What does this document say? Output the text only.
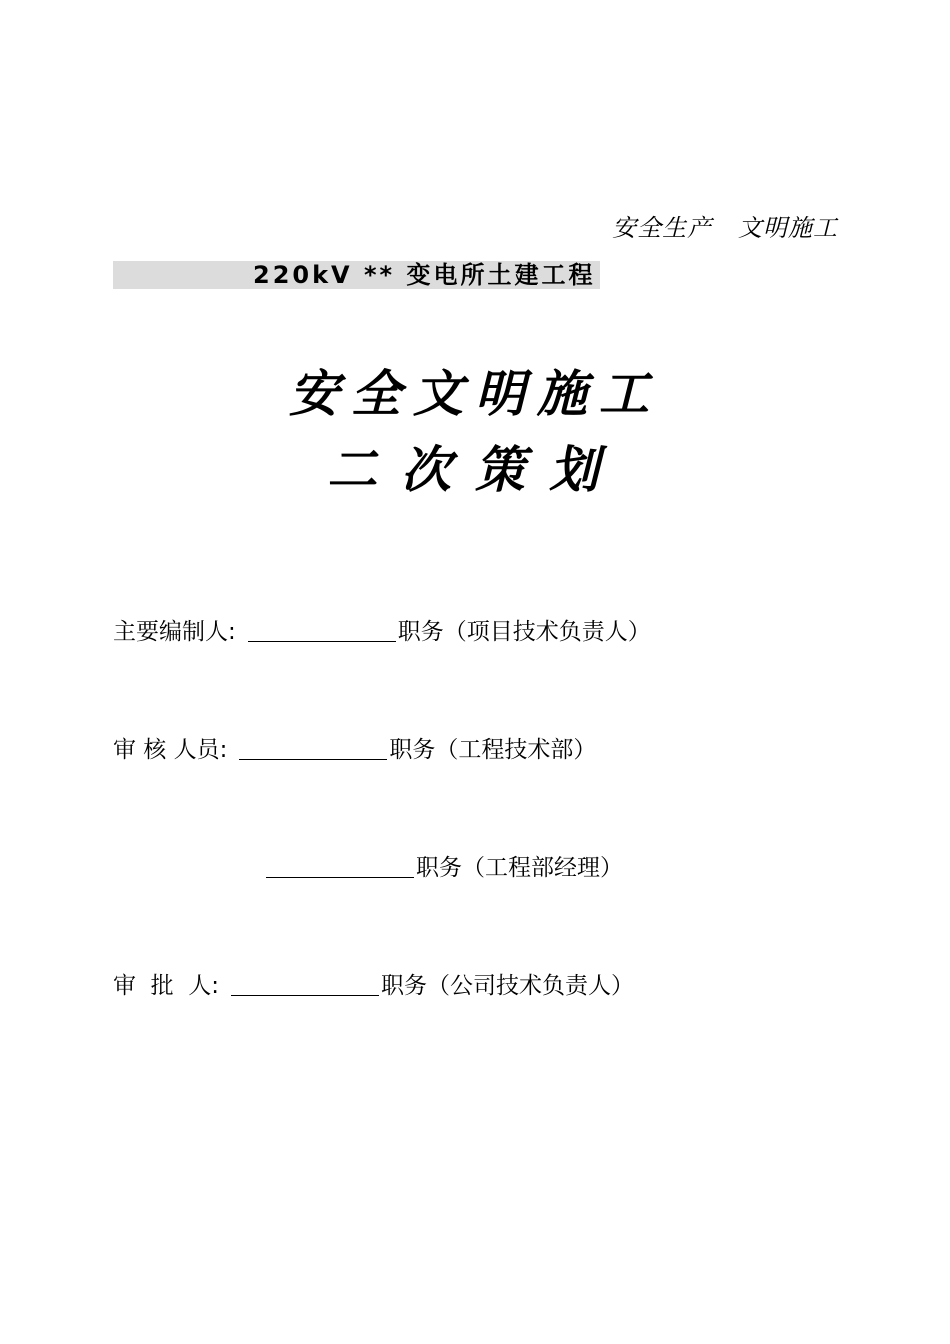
安全生产   文明施工
220kV ** 变电所土建工程
安全文明施工
二次策划
主要编制人:	职务（项目技术负责人）
审 核 人员:	职务（工程技术部）
职务（工程部经理）
审  批  人:	职务（公司技术负责人）
